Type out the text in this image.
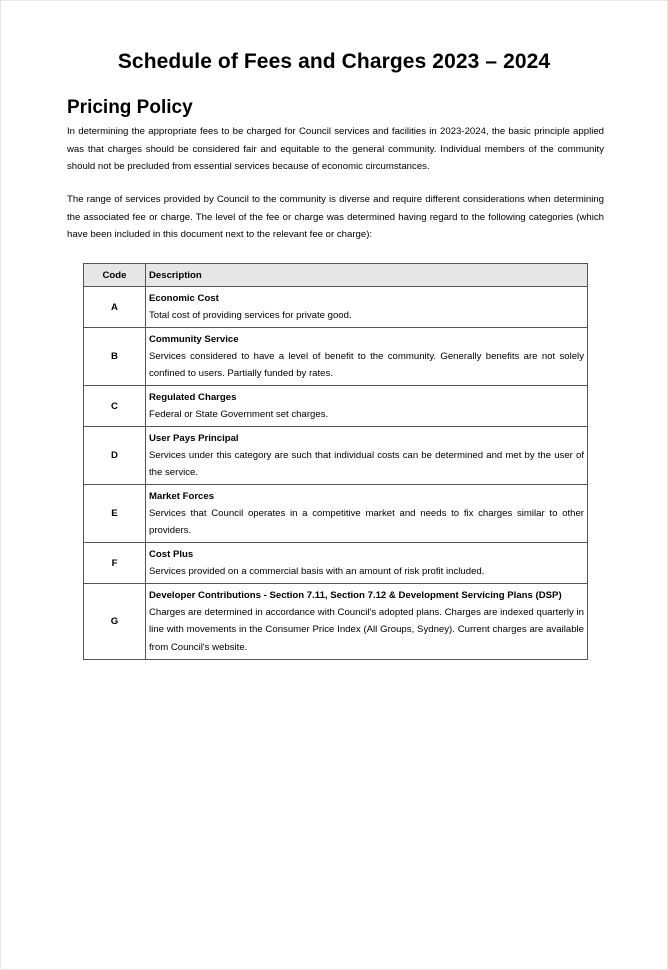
Schedule of Fees and Charges 2023 – 2024
Pricing Policy
In determining the appropriate fees to be charged for Council services and facilities in 2023-2024, the basic principle applied was that charges should be considered fair and equitable to the general community. Individual members of the community should not be precluded from essential services because of economic circumstances.
The range of services provided by Council to the community is diverse and require different considerations when determining the associated fee or charge. The level of the fee or charge was determined having regard to the following categories (which have been included in this document next to the relevant fee or charge):
Code	Description
A	Economic Cost
Total cost of providing services for private good.

B	Community Service
Services considered to have a level of benefit to the community. Generally benefits are not solely confined to users. Partially funded by rates.

C	Regulated Charges
Federal or State Government set charges.

D	User Pays Principal
Services under this category are such that individual costs can be determined and met by the user of the service.

E	Market Forces
Services that Council operates in a competitive market and needs to fix charges similar to other providers.

F	Cost Plus
Services provided on a commercial basis with an amount of risk profit included.

G	Developer Contributions - Section 7.11, Section 7.12 & Development Servicing Plans (DSP)
Charges are determined in accordance with Council's adopted plans. Charges are indexed quarterly in line with movements in the Consumer Price Index (All Groups, Sydney). Current charges are available from Council's website.
